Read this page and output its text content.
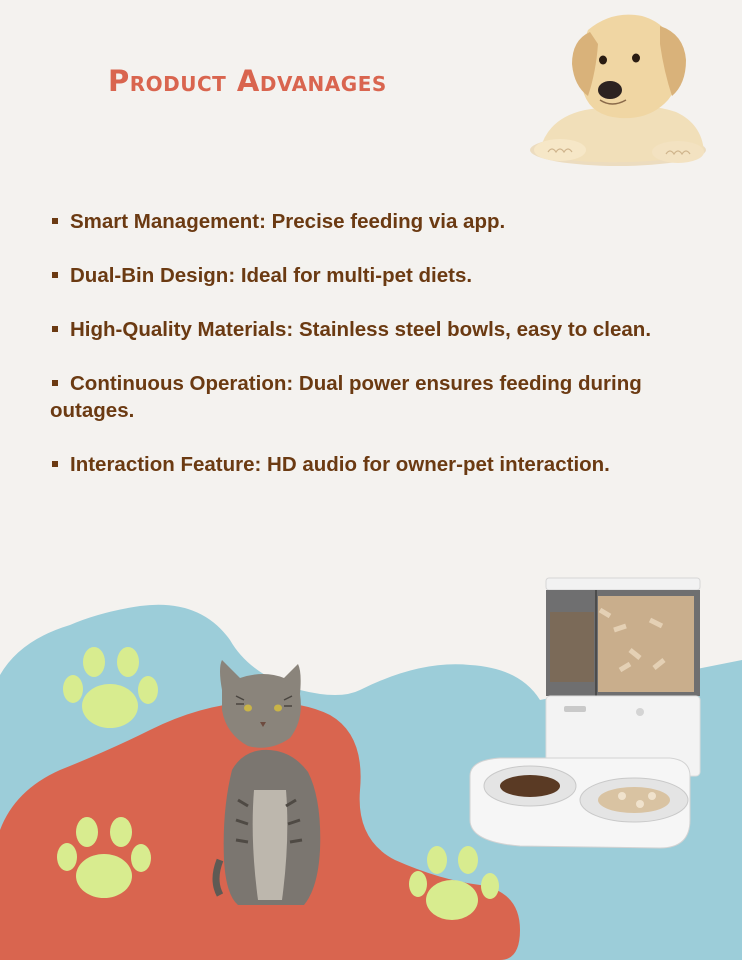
Product Advanages
Smart Management: Precise feeding via app.
Dual-Bin Design: Ideal for multi-pet diets.
High-Quality Materials: Stainless steel bowls, easy to clean.
Continuous Operation: Dual power ensures feeding during outages.
Interaction Feature: HD audio for owner-pet interaction.
